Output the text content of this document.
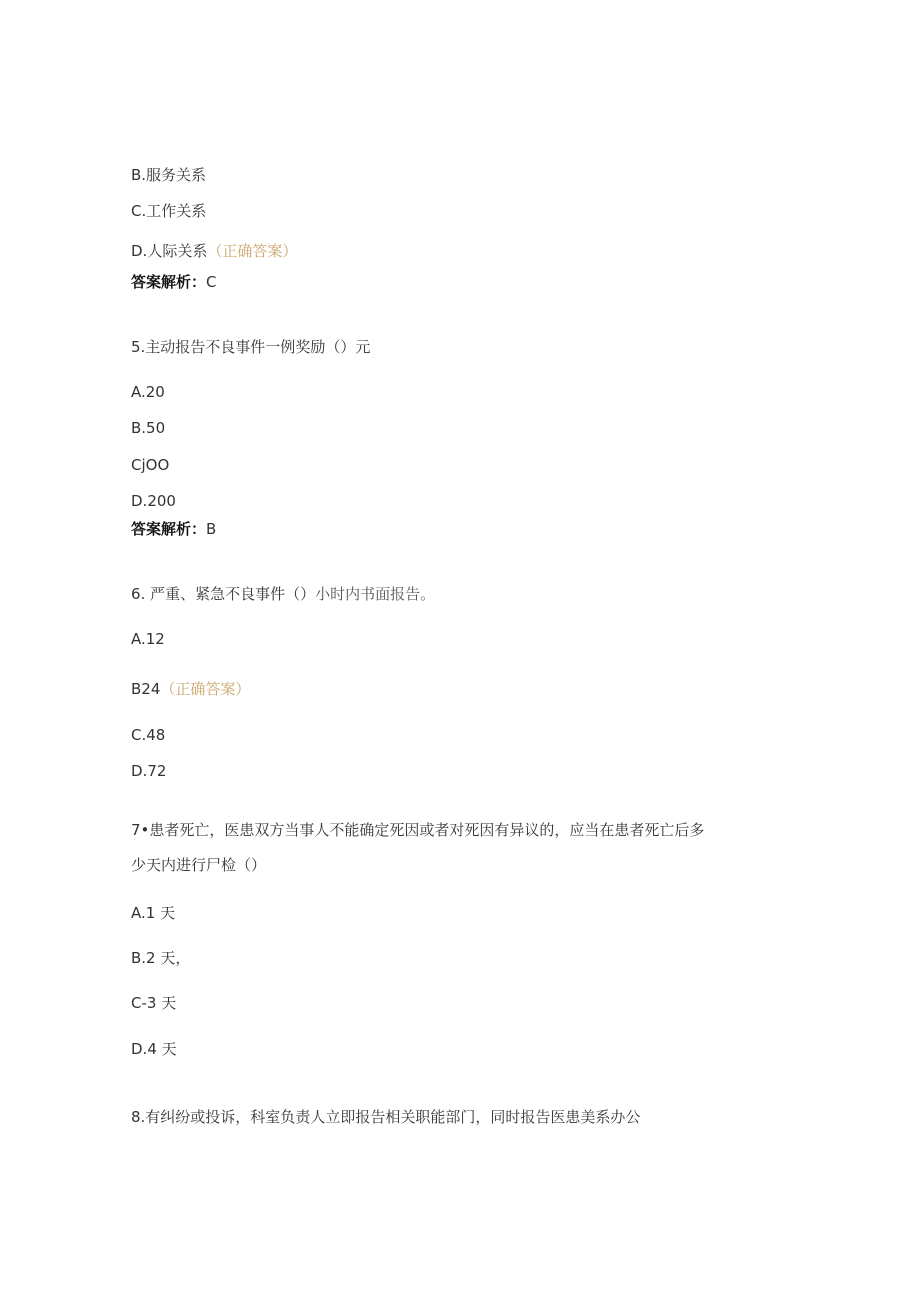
B.服务关系
C.工作关系
D.人际关系（正确答案）
答案解析：C
5.主动报告不良事件一例奖励（）元
A.20
B.50
CjOO
D.200
答案解析：B
6. 严重、紧急不良事件（）小时内书面报告。
A.12
B24（正确答案）
C.48
D.72
7•患者死亡，医患双方当事人不能确定死因或者对死因有异议的，应当在患者死亡后多
少天内进行尸检（）
A.1 天
B.2 天，
C-3 天
D.4 天
8.有纠纷或投诉，科室负责人立即报告相关职能部门，同时报告医患美系办公
